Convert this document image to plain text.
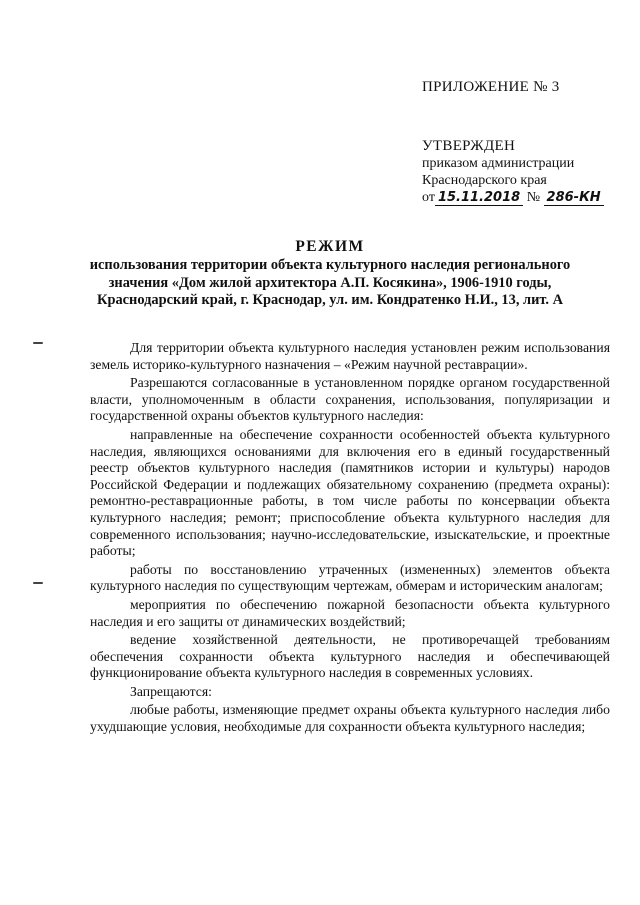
ПРИЛОЖЕНИЕ № 3
УТВЕРЖДЕН
приказом администрации
Краснодарского края
от 15.11.2018 № 286-КН
РЕЖИМ
использования территории объекта культурного наследия регионального значения «Дом жилой архитектора А.П. Косякина», 1906-1910 годы, Краснодарский край, г. Краснодар, ул. им. Кондратенко Н.И., 13, лит. А

Для территории объекта культурного наследия установлен режим использования земель историко-культурного назначения – «Режим научной реставрации».

Разрешаются согласованные в установленном порядке органом государственной власти, уполномоченным в области сохранения, использования, популяризации и государственной охраны объектов культурного наследия:

направленные на обеспечение сохранности особенностей объекта культурного наследия, являющихся основаниями для включения его в единый государственный реестр объектов культурного наследия (памятников истории и культуры) народов Российской Федерации и подлежащих обязательному сохранению (предмета охраны): ремонтно-реставрационные работы, в том числе работы по консервации объекта культурного наследия; ремонт; приспособление объекта культурного наследия для современного использования; научно-исследовательские, изыскательские, и проектные работы;

работы по восстановлению утраченных (измененных) элементов объекта культурного наследия по существующим чертежам, обмерам и историческим аналогам;

мероприятия по обеспечению пожарной безопасности объекта культурного наследия и его защиты от динамических воздействий;

ведение хозяйственной деятельности, не противоречащей требованиям обеспечения сохранности объекта культурного наследия и обеспечивающей функционирование объекта культурного наследия в современных условиях.

Запрещаются:

любые работы, изменяющие предмет охраны объекта культурного наследия либо ухудшающие условия, необходимые для сохранности объекта культурного наследия;
